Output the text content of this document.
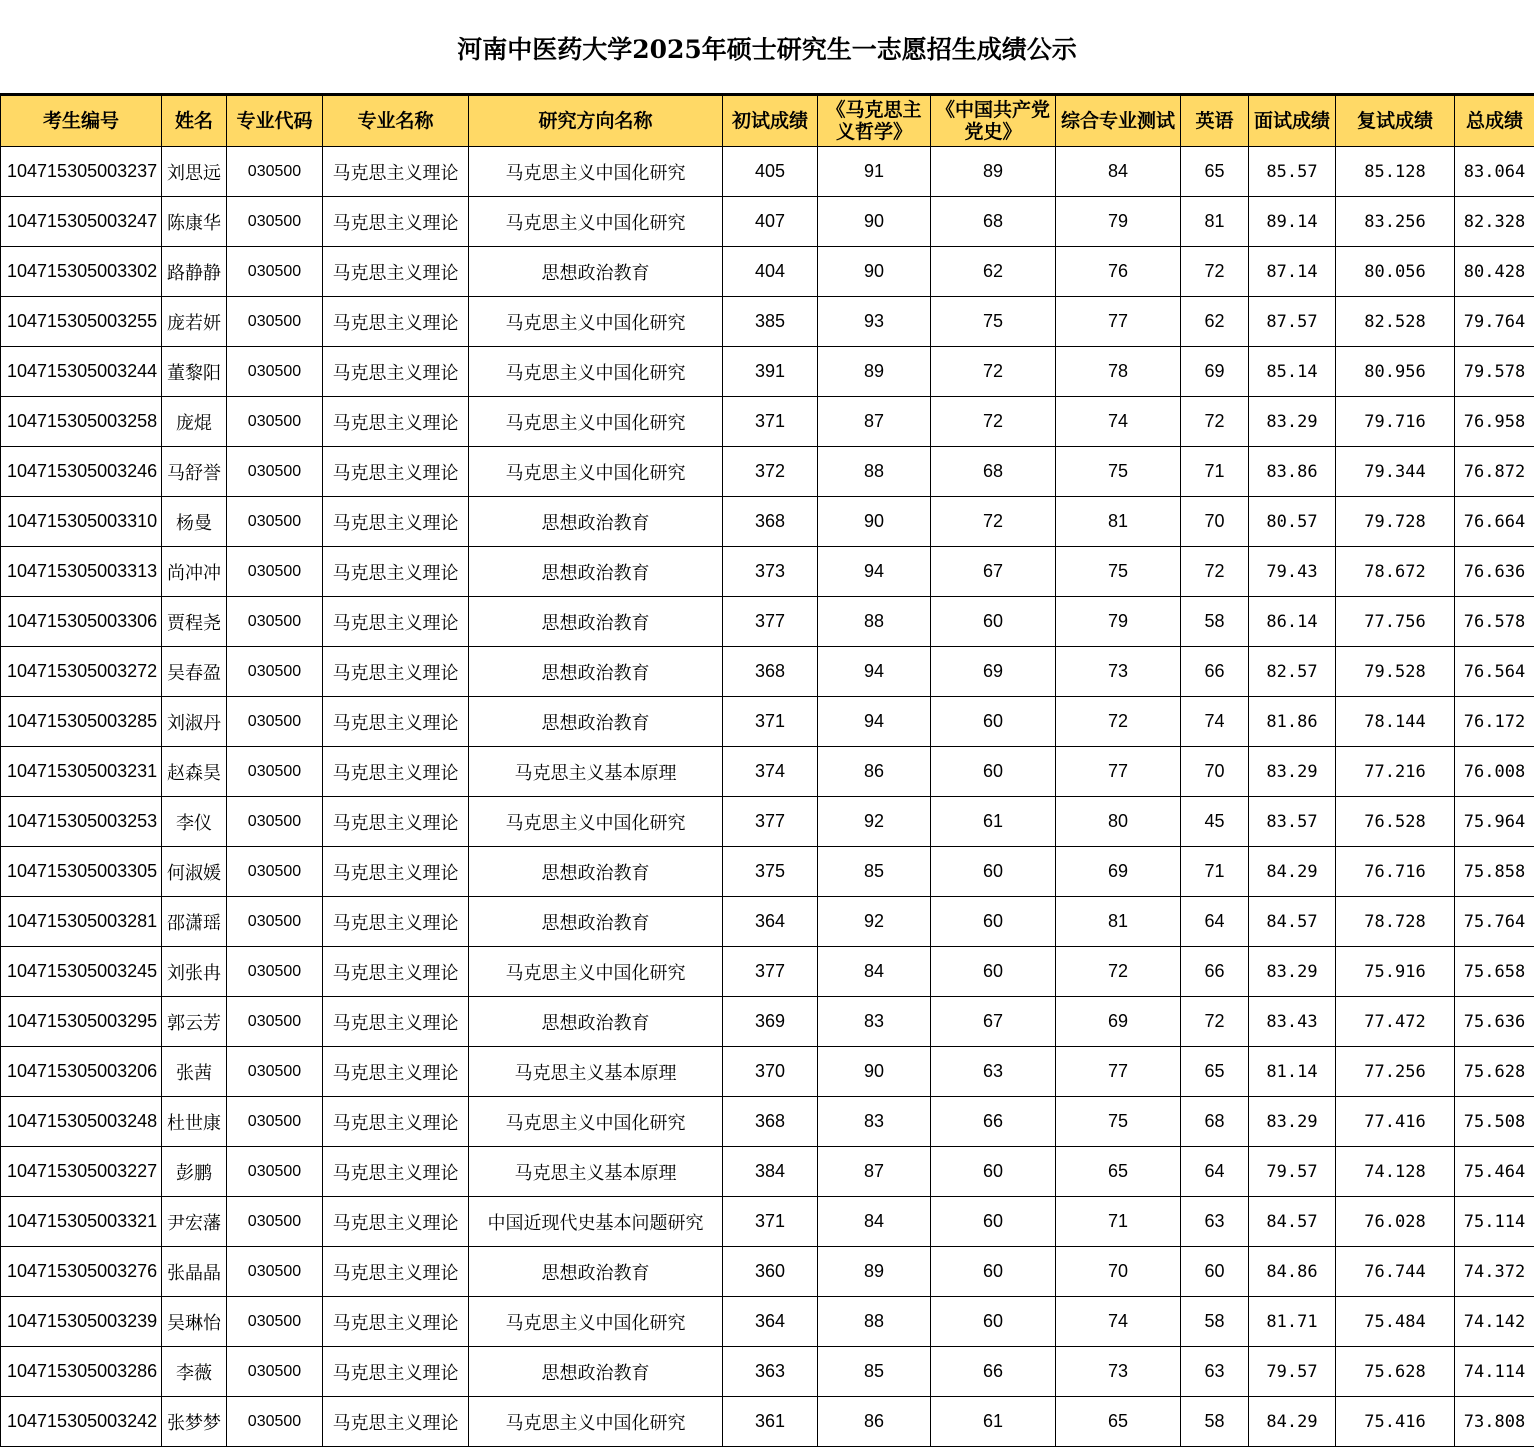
河南中医药大学2025年硕士研究生一志愿招生成绩公示
考生编号	姓名	专业代码	专业名称	研究方向名称	初试成绩	《马克思主义哲学》	《中国共产党党史》	综合专业测试	英语	面试成绩	复试成绩	总成绩
104715305003237	刘思远	030500	马克思主义理论	马克思主义中国化研究	405	91	89	84	65	85.57	85.128	83.064
104715305003247	陈康华	030500	马克思主义理论	马克思主义中国化研究	407	90	68	79	81	89.14	83.256	82.328
104715305003302	路静静	030500	马克思主义理论	思想政治教育	404	90	62	76	72	87.14	80.056	80.428
104715305003255	庞若妍	030500	马克思主义理论	马克思主义中国化研究	385	93	75	77	62	87.57	82.528	79.764
104715305003244	董黎阳	030500	马克思主义理论	马克思主义中国化研究	391	89	72	78	69	85.14	80.956	79.578
104715305003258	庞焜	030500	马克思主义理论	马克思主义中国化研究	371	87	72	74	72	83.29	79.716	76.958
104715305003246	马舒誉	030500	马克思主义理论	马克思主义中国化研究	372	88	68	75	71	83.86	79.344	76.872
104715305003310	杨曼	030500	马克思主义理论	思想政治教育	368	90	72	81	70	80.57	79.728	76.664
104715305003313	尚冲冲	030500	马克思主义理论	思想政治教育	373	94	67	75	72	79.43	78.672	76.636
104715305003306	贾程尧	030500	马克思主义理论	思想政治教育	377	88	60	79	58	86.14	77.756	76.578
104715305003272	吴春盈	030500	马克思主义理论	思想政治教育	368	94	69	73	66	82.57	79.528	76.564
104715305003285	刘淑丹	030500	马克思主义理论	思想政治教育	371	94	60	72	74	81.86	78.144	76.172
104715305003231	赵森昊	030500	马克思主义理论	马克思主义基本原理	374	86	60	77	70	83.29	77.216	76.008
104715305003253	李仪	030500	马克思主义理论	马克思主义中国化研究	377	92	61	80	45	83.57	76.528	75.964
104715305003305	何淑媛	030500	马克思主义理论	思想政治教育	375	85	60	69	71	84.29	76.716	75.858
104715305003281	邵潇瑶	030500	马克思主义理论	思想政治教育	364	92	60	81	64	84.57	78.728	75.764
104715305003245	刘张冉	030500	马克思主义理论	马克思主义中国化研究	377	84	60	72	66	83.29	75.916	75.658
104715305003295	郭云芳	030500	马克思主义理论	思想政治教育	369	83	67	69	72	83.43	77.472	75.636
104715305003206	张茜	030500	马克思主义理论	马克思主义基本原理	370	90	63	77	65	81.14	77.256	75.628
104715305003248	杜世康	030500	马克思主义理论	马克思主义中国化研究	368	83	66	75	68	83.29	77.416	75.508
104715305003227	彭鹏	030500	马克思主义理论	马克思主义基本原理	384	87	60	65	64	79.57	74.128	75.464
104715305003321	尹宏藩	030500	马克思主义理论	中国近现代史基本问题研究	371	84	60	71	63	84.57	76.028	75.114
104715305003276	张晶晶	030500	马克思主义理论	思想政治教育	360	89	60	70	60	84.86	76.744	74.372
104715305003239	吴琳怡	030500	马克思主义理论	马克思主义中国化研究	364	88	60	74	58	81.71	75.484	74.142
104715305003286	李薇	030500	马克思主义理论	思想政治教育	363	85	66	73	63	79.57	75.628	74.114
104715305003242	张梦梦	030500	马克思主义理论	马克思主义中国化研究	361	86	61	65	58	84.29	75.416	73.808
